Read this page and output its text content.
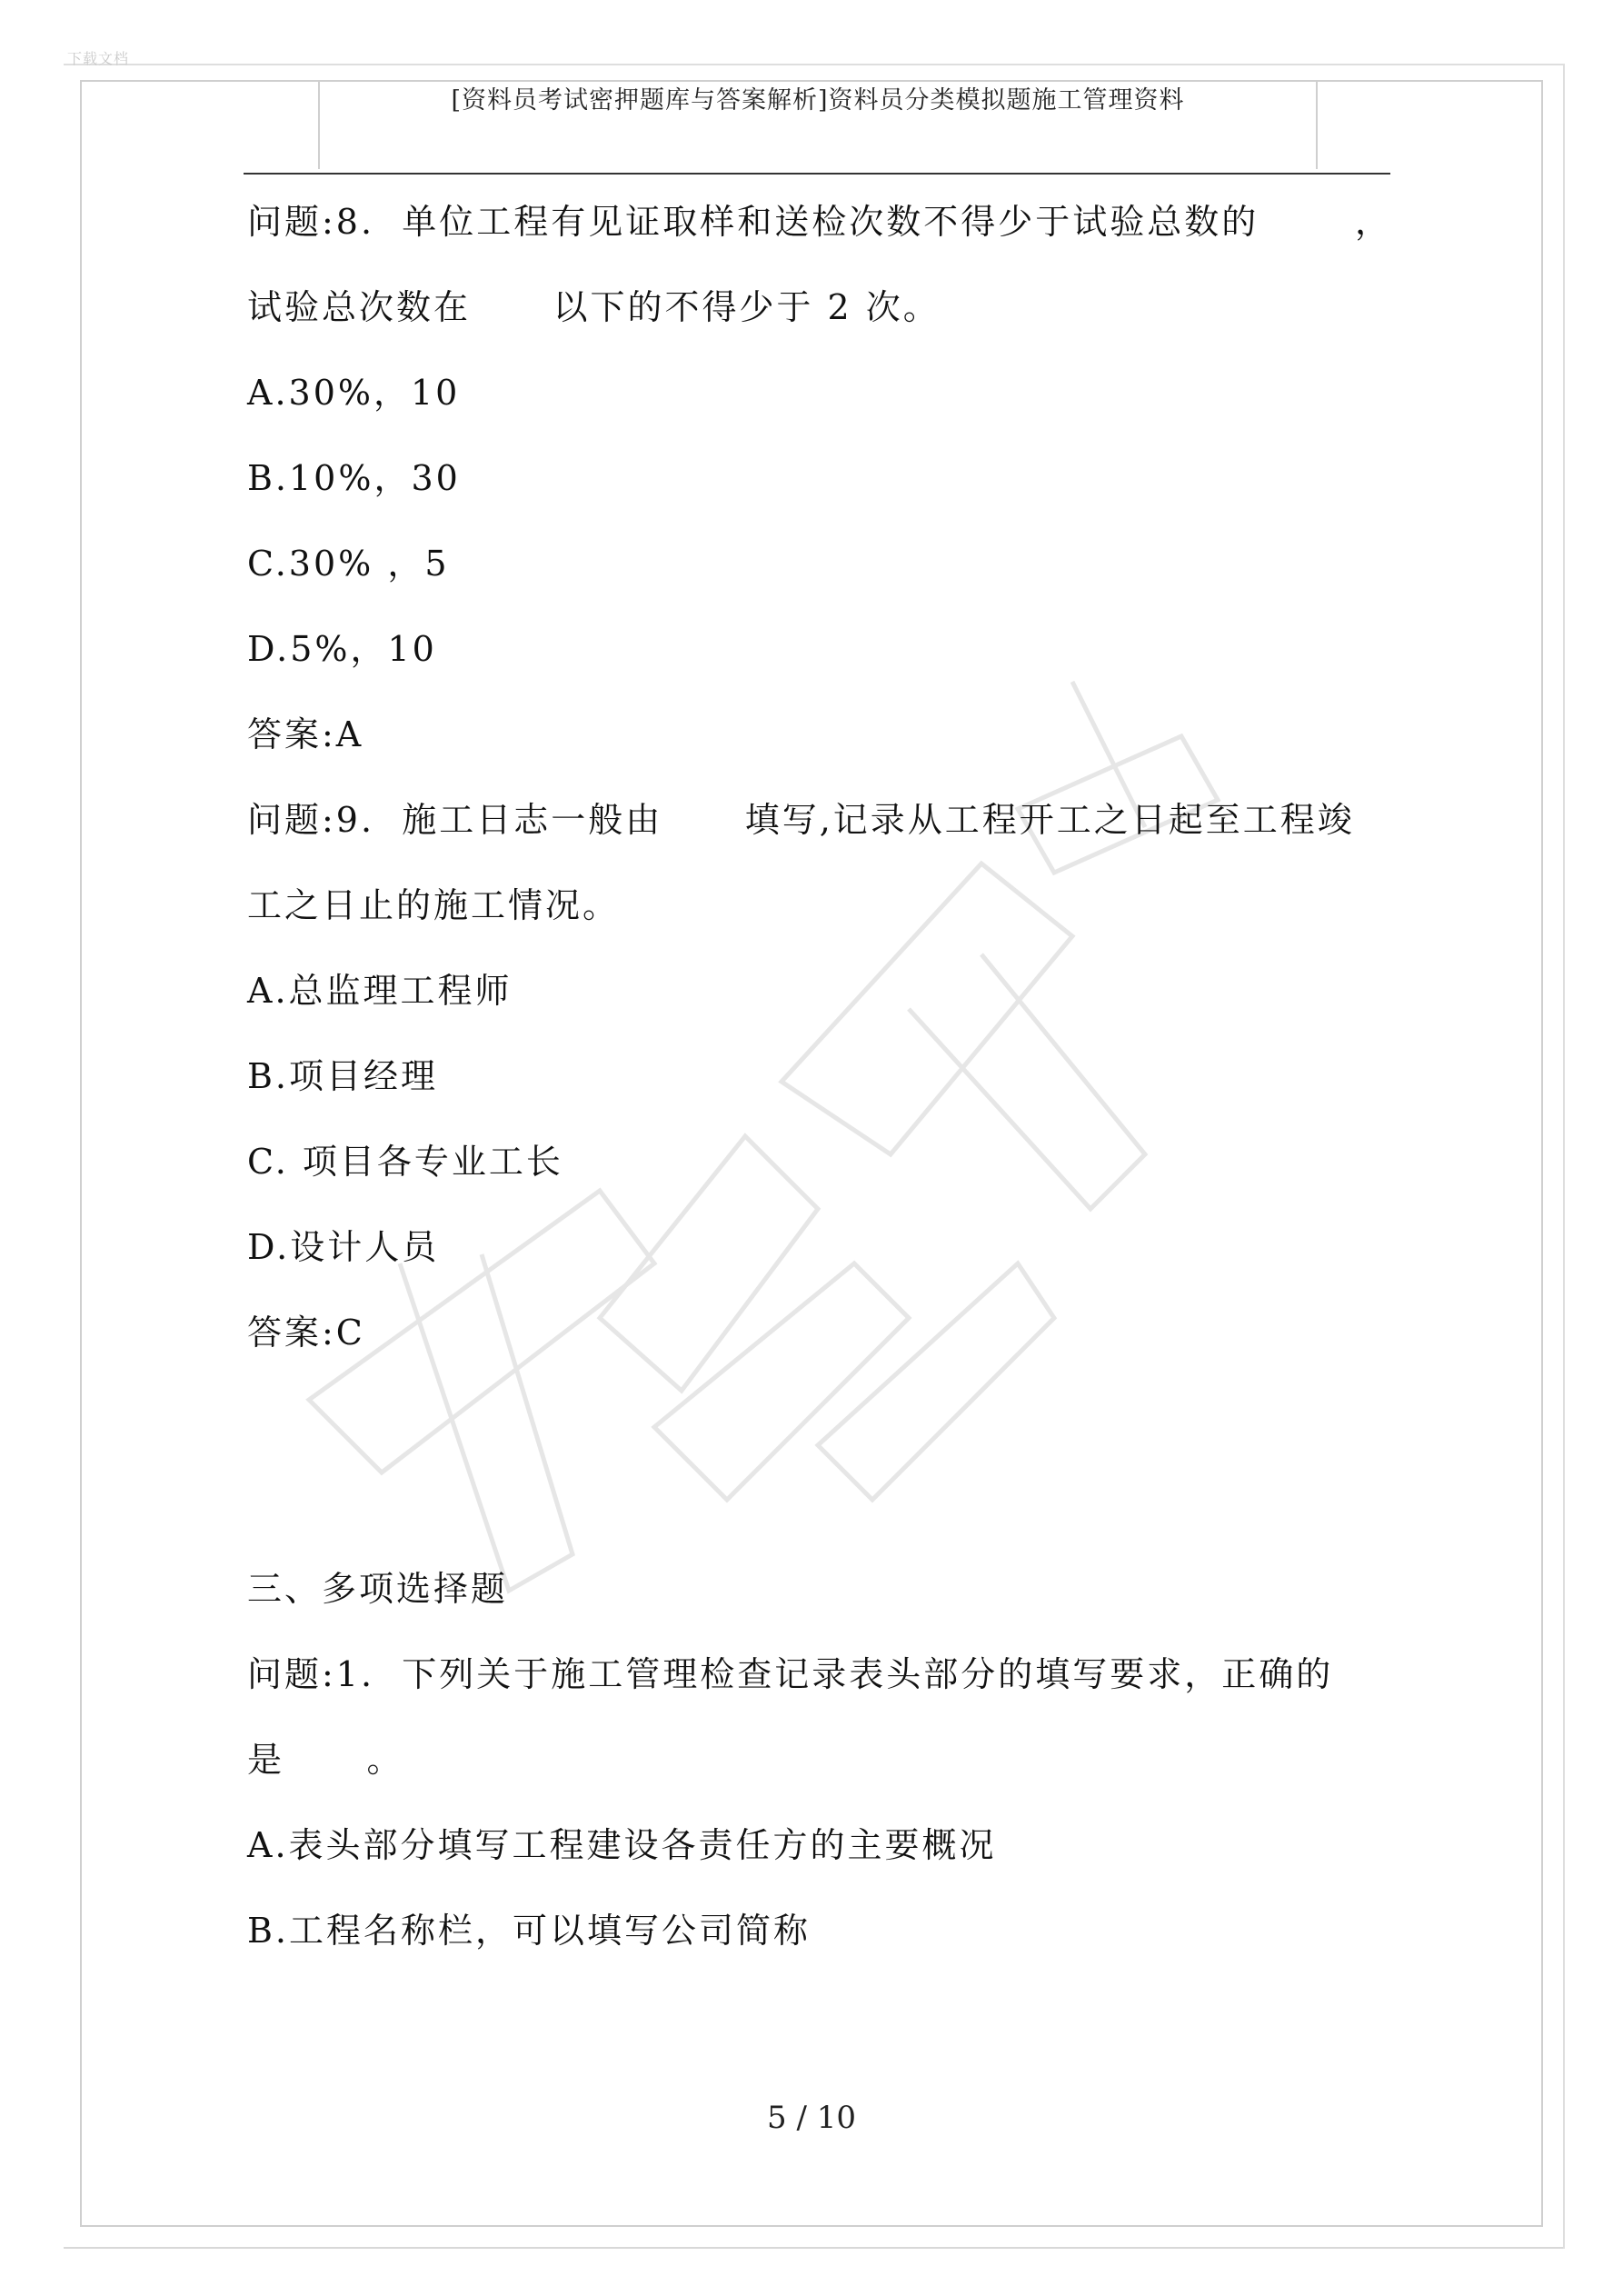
下载文档
[资料员考试密押题库与答案解析]资料员分类模拟题施工管理资料
问题:8.  单位工程有见证取样和送检次数不得少于试验总数的	，
试验总次数在      以下的不得少于 2 次。
A.30%，10
B.10%，30
C.30% ，5
D.5%，10
答案:A
问题:9.  施工日志一般由      填写,记录从工程开工之日起至工程竣
工之日止的施工情况。
A.总监理工程师
B.项目经理
C. 项目各专业工长
D.设计人员
答案:C
三、多项选择题
问题:1.  下列关于施工管理检查记录表头部分的填写要求，正确的
是      。
A.表头部分填写工程建设各责任方的主要概况
B.工程名称栏，可以填写公司简称
5 / 10
